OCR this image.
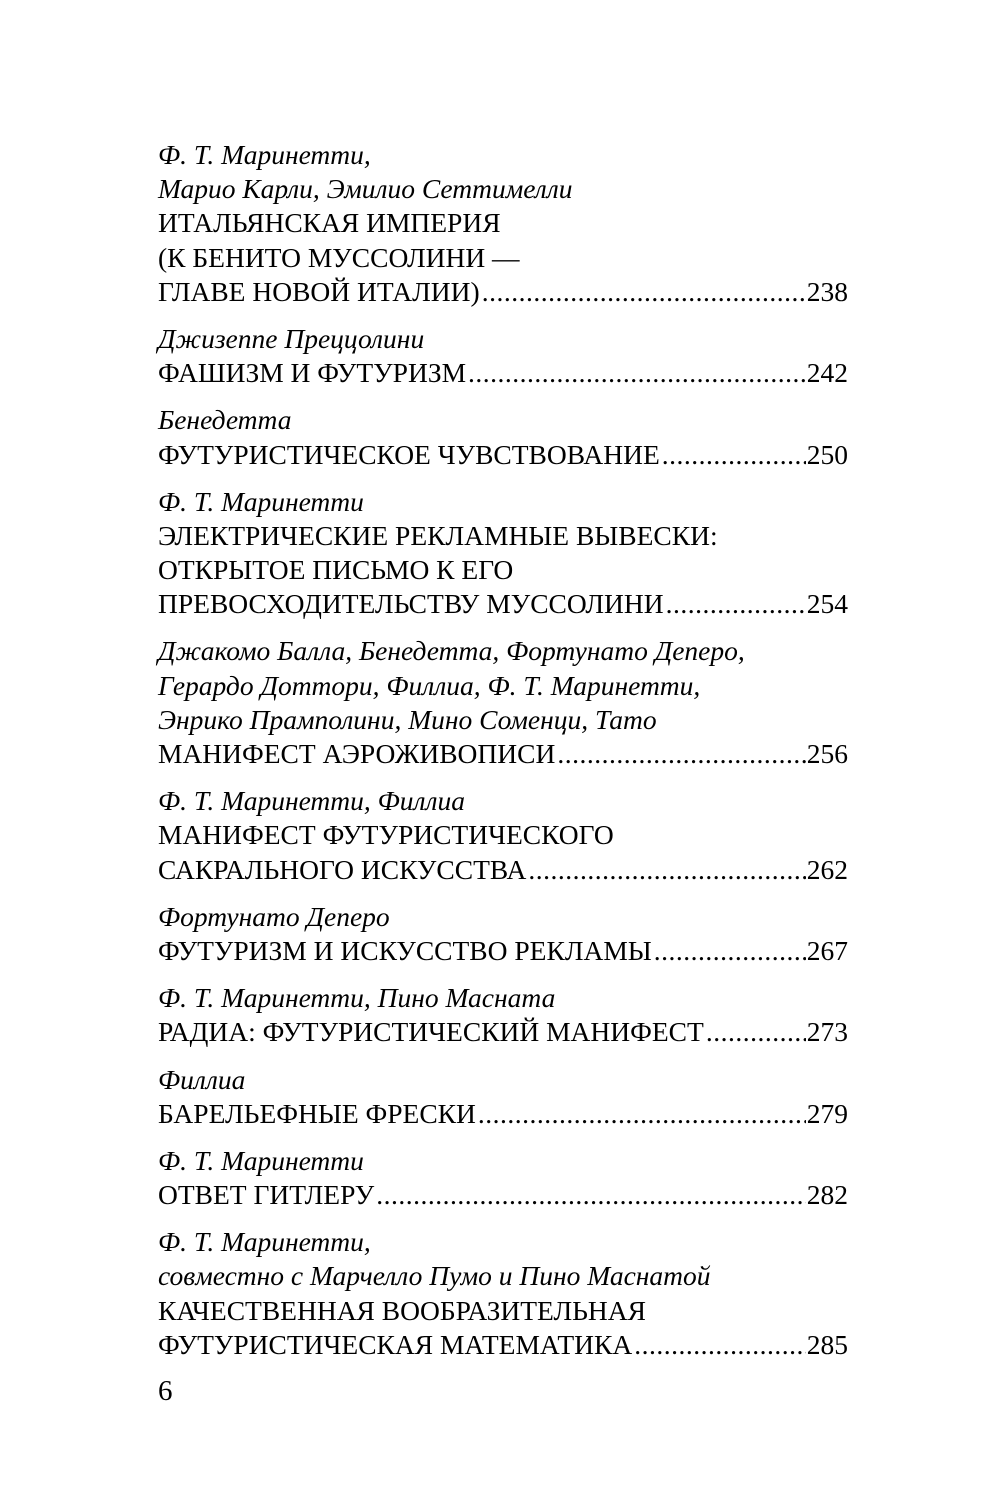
Ф. Т. Маринетти,
Марио Карли, Эмилио Сеттимелли
ИТАЛЬЯНСКАЯ ИМПЕРИЯ
(К БЕНИТО МУССОЛИНИ —
ГЛАВЕ НОВОЙ ИТАЛИИ) .....	238
Джизеппе Преццолини
ФАШИЗМ И ФУТУРИЗМ .....	242
Бенедетта
ФУТУРИСТИЧЕСКОЕ ЧУВСТВОВАНИЕ .....	250
Ф. Т. Маринетти
ЭЛЕКТРИЧЕСКИЕ РЕКЛАМНЫЕ ВЫВЕСКИ:
ОТКРЫТОЕ ПИСЬМО К ЕГО
ПРЕВОСХОДИТЕЛЬСТВУ МУССОЛИНИ .....	254
Джакомо Балла, Бенедетта, Фортунато Деперо,
Герардо Доттори, Филлиа, Ф. Т. Маринетти,
Энрико Прамполини, Мино Соменци, Тато
МАНИФЕСТ АЭРОЖИВОПИСИ .....	256
Ф. Т. Маринетти, Филлиа
МАНИФЕСТ ФУТУРИСТИЧЕСКОГО
САКРАЛЬНОГО ИСКУССТВА .....	262
Фортунато Деперо
ФУТУРИЗМ И ИСКУССТВО РЕКЛАМЫ .....	267
Ф. Т. Маринетти, Пино Масната
РАДИА: ФУТУРИСТИЧЕСКИЙ МАНИФЕСТ .....	273
Филлиа
БАРЕЛЬЕФНЫЕ ФРЕСКИ .....	279
Ф. Т. Маринетти
ОТВЕТ ГИТЛЕРУ .....	282
Ф. Т. Маринетти,
совместно с Марчелло Пумо и Пино Маснатой
КАЧЕСТВЕННАЯ ВООБРАЗИТЕЛЬНАЯ
ФУТУРИСТИЧЕСКАЯ МАТЕМАТИКА .....	285
6
